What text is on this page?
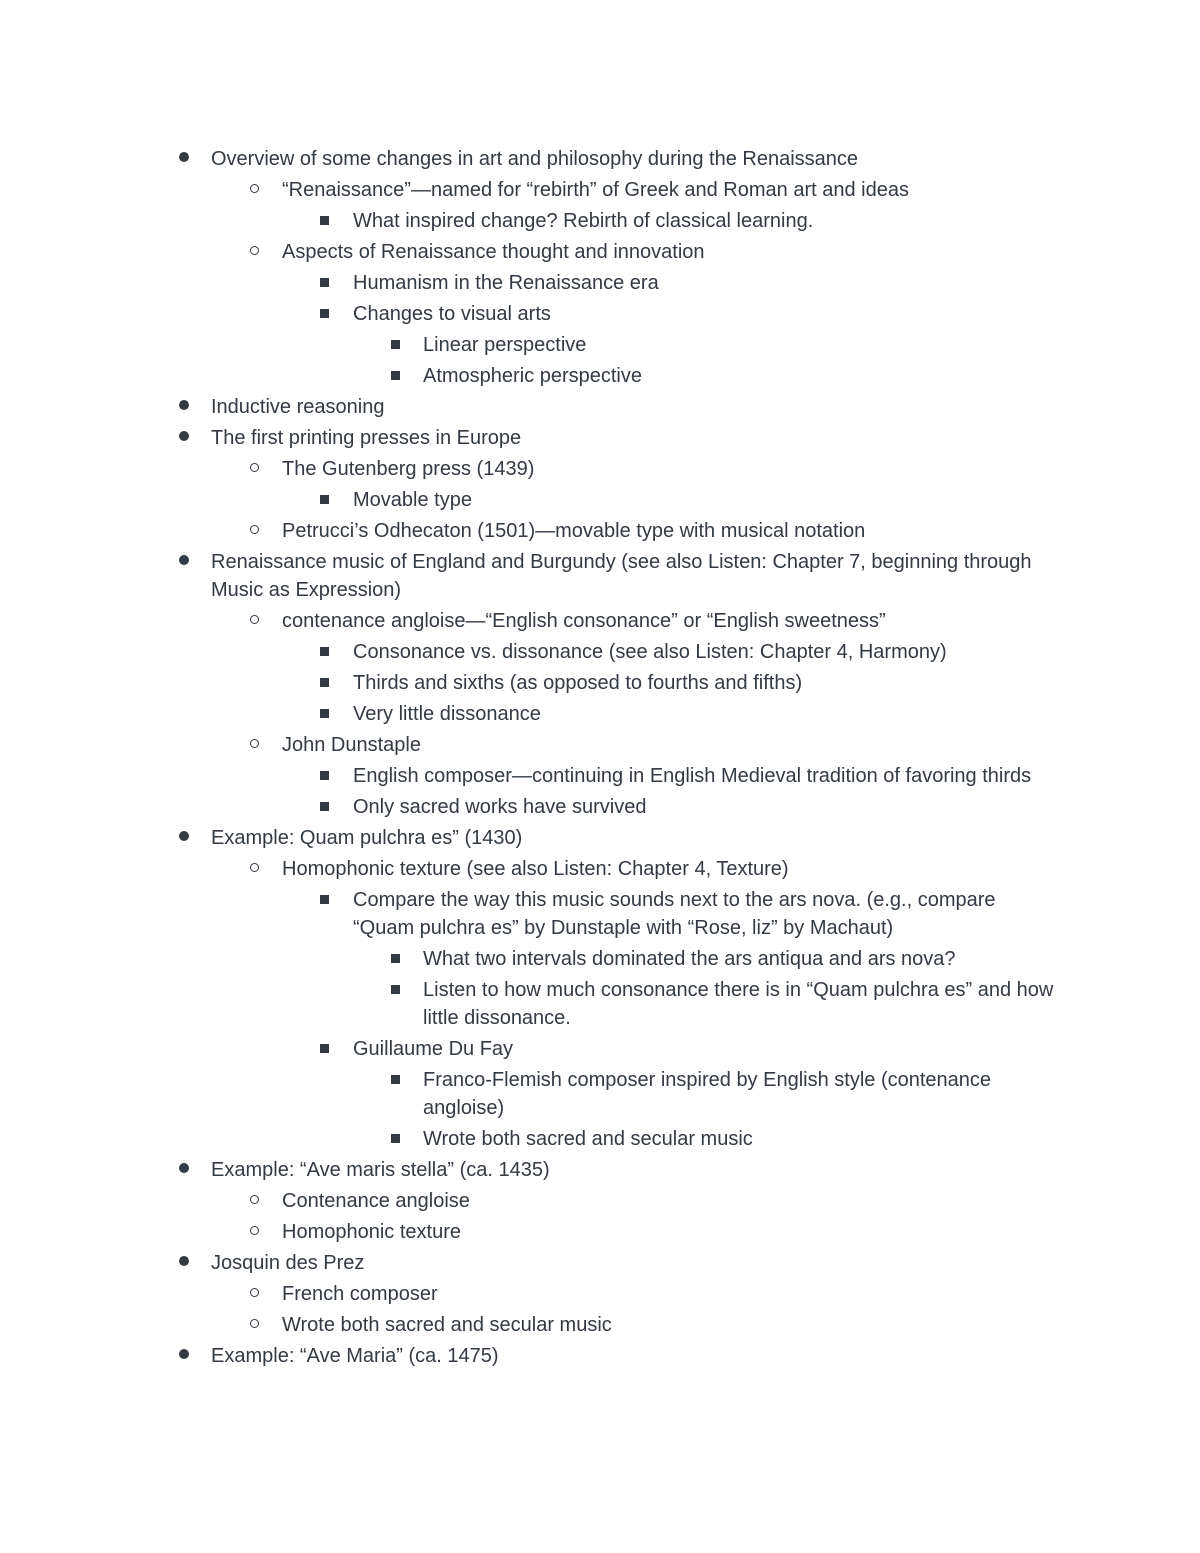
Overview of some changes in art and philosophy during the Renaissance
“Renaissance”—named for “rebirth” of Greek and Roman art and ideas
What inspired change? Rebirth of classical learning.
Aspects of Renaissance thought and innovation
Humanism in the Renaissance era
Changes to visual arts
Linear perspective
Atmospheric perspective
Inductive reasoning
The first printing presses in Europe
The Gutenberg press (1439)
Movable type
Petrucci’s Odhecaton (1501)—movable type with musical notation
Renaissance music of England and Burgundy (see also Listen: Chapter 7, beginning through Music as Expression)
contenance angloise—“English consonance” or “English sweetness”
Consonance vs. dissonance (see also Listen: Chapter 4, Harmony)
Thirds and sixths (as opposed to fourths and fifths)
Very little dissonance
John Dunstaple
English composer—continuing in English Medieval tradition of favoring thirds
Only sacred works have survived
Example: Quam pulchra es” (1430)
Homophonic texture (see also Listen: Chapter 4, Texture)
Compare the way this music sounds next to the ars nova. (e.g., compare “Quam pulchra es” by Dunstaple with “Rose, liz” by Machaut)
What two intervals dominated the ars antiqua and ars nova?
Listen to how much consonance there is in “Quam pulchra es” and how little dissonance.
Guillaume Du Fay
Franco-Flemish composer inspired by English style (contenance angloise)
Wrote both sacred and secular music
Example: “Ave maris stella” (ca. 1435)
Contenance angloise
Homophonic texture
Josquin des Prez
French composer
Wrote both sacred and secular music
Example: “Ave Maria” (ca. 1475)
